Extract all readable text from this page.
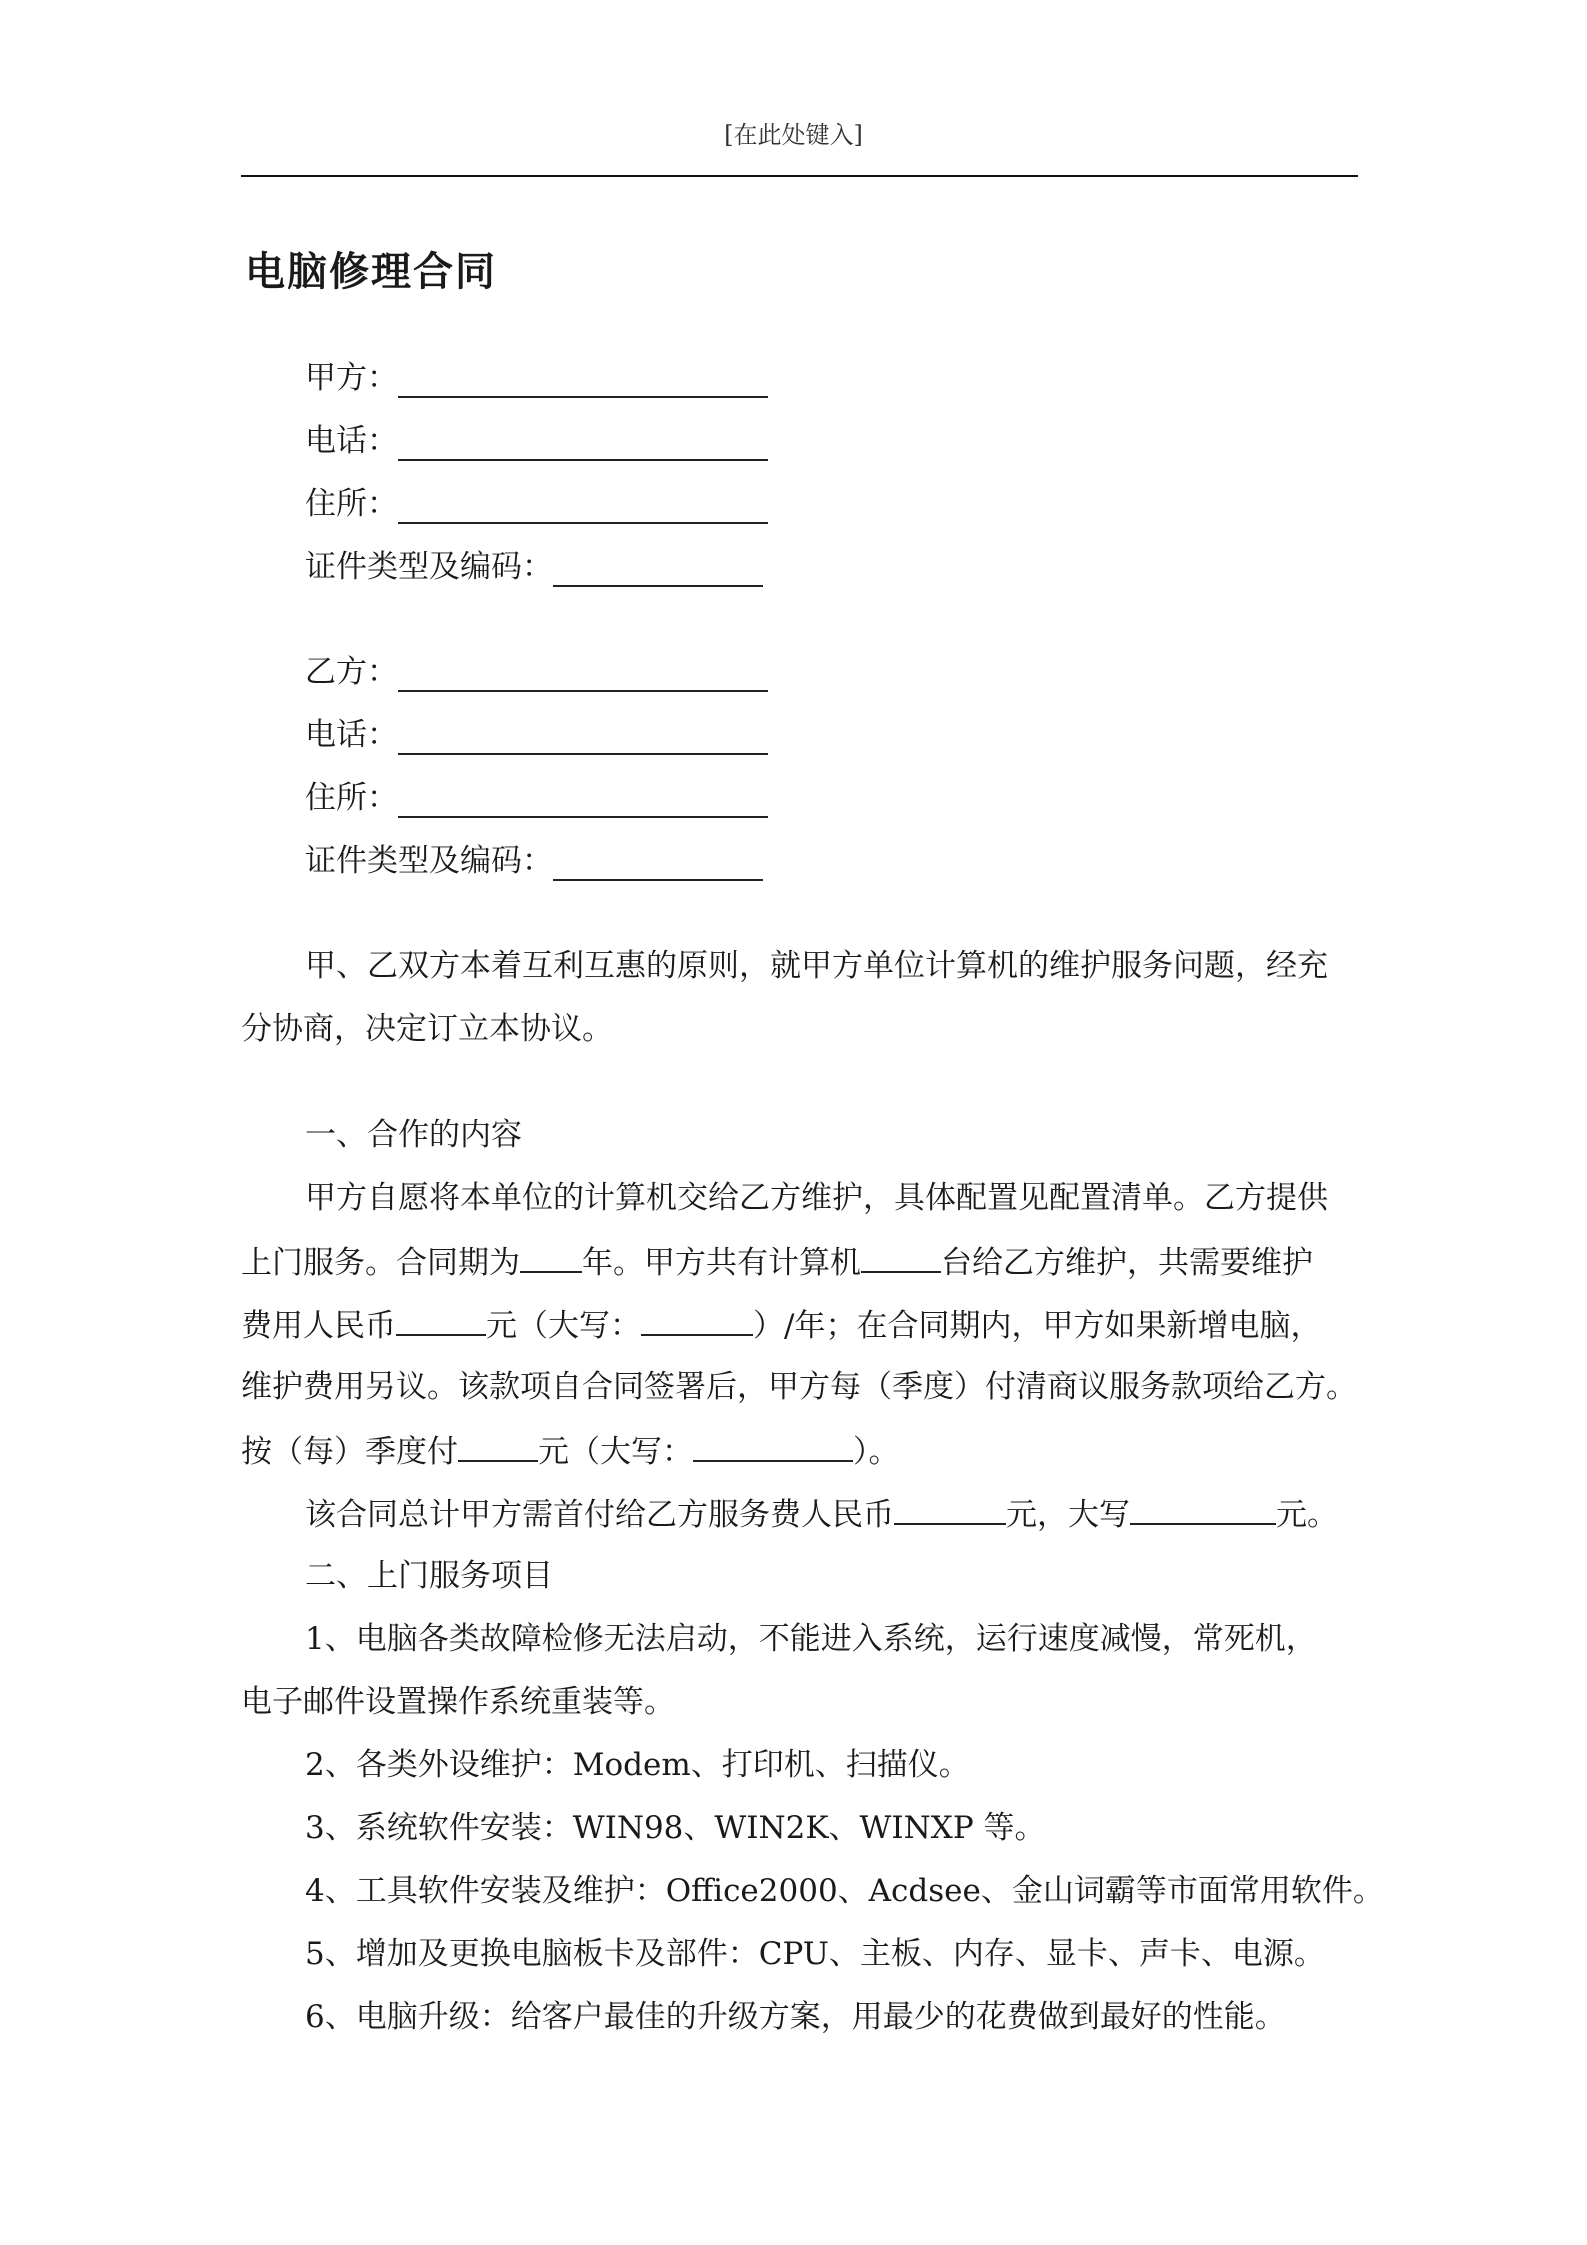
[在此处键入]
电脑修理合同
甲方：
电话：
住所：
证件类型及编码：
乙方：
电话：
住所：
证件类型及编码：
甲、乙双方本着互利互惠的原则，就甲方单位计算机的维护服务问题，经充
分协商，决定订立本协议。
一、合作的内容
甲方自愿将本单位的计算机交给乙方维护，具体配置见配置清单。乙方提供
上门服务。合同期为 年。甲方共有计算机	台给乙方维护，共需要维护
费用人民币	元（大写：	）/年；在合同期内，甲方如果新增电脑，
维护费用另议。该款项自合同签署后，甲方每（季度）付清商议服务款项给乙方。
按（每）季度付	元（大写：	）。
该合同总计甲方需首付给乙方服务费人民币	元，大写	元。
二、上门服务项目
1、电脑各类故障检修无法启动，不能进入系统，运行速度减慢，常死机，
电子邮件设置操作系统重装等。
2、各类外设维护：Modem、打印机、扫描仪。
3、系统软件安装：WIN98、WIN2K、WINXP 等。
4、工具软件安装及维护：Office2000、Acdsee、金山词霸等市面常用软件。
5、增加及更换电脑板卡及部件：CPU、主板、内存、显卡、声卡、电源。
6、电脑升级：给客户最佳的升级方案，用最少的花费做到最好的性能。
